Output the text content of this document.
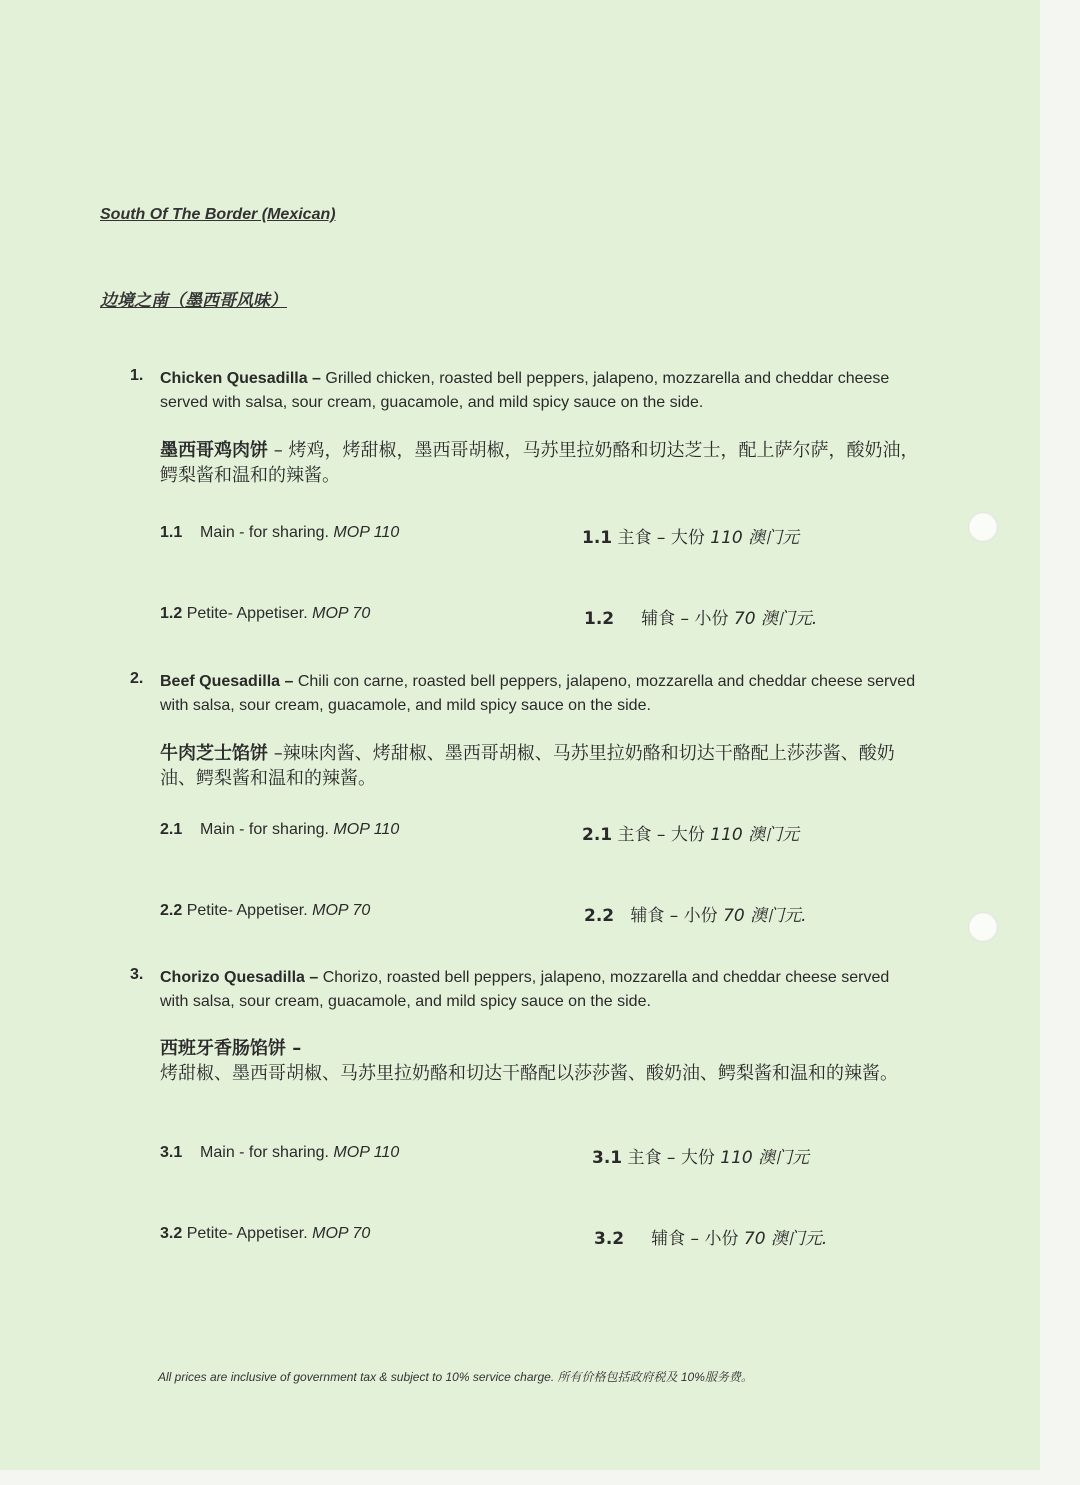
South Of The Border (Mexican)
边境之南（墨西哥风味）
1. Chicken Quesadilla – Grilled chicken, roasted bell peppers, jalapeno, mozzarella and cheddar cheese served with salsa, sour cream, guacamole, and mild spicy sauce on the side.
墨西哥鸡肉饼 – 烤鸡，烤甜椒，墨西哥胡椒，马苏里拉奶酪和切达芝士，配上萨尔萨，酸奶油，鳄梨酱和温和的辣酱。
1.1 Main - for sharing. MOP 110	1.1 主食 – 大份 110 澳门元
1.2 Petite- Appetiser. MOP 70	1.2 辅食 – 小份 70 澳门元.
2. Beef Quesadilla – Chili con carne, roasted bell peppers, jalapeno, mozzarella and cheddar cheese served with salsa, sour cream, guacamole, and mild spicy sauce on the side.
牛肉芝士馅饼 –辣味肉酱、烤甜椒、墨西哥胡椒、马苏里拉奶酪和切达干酪配上莎莎酱、酸奶油、鳄梨酱和温和的辣酱。
2.1 Main - for sharing. MOP 110	2.1 主食 – 大份 110 澳门元
2.2 Petite- Appetiser. MOP 70	2.2 辅食 – 小份 70 澳门元.
3. Chorizo Quesadilla – Chorizo, roasted bell peppers, jalapeno, mozzarella and cheddar cheese served with salsa, sour cream, guacamole, and mild spicy sauce on the side.
西班牙香肠馅饼 –
烤甜椒、墨西哥胡椒、马苏里拉奶酪和切达干酪配以莎莎酱、酸奶油、鳄梨酱和温和的辣酱。
3.1 Main - for sharing. MOP 110	3.1 主食 – 大份 110 澳门元
3.2 Petite- Appetiser. MOP 70	3.2 辅食 – 小份 70 澳门元.
All prices are inclusive of government tax & subject to 10% service charge. 所有价格包括政府税及 10%服务费。
